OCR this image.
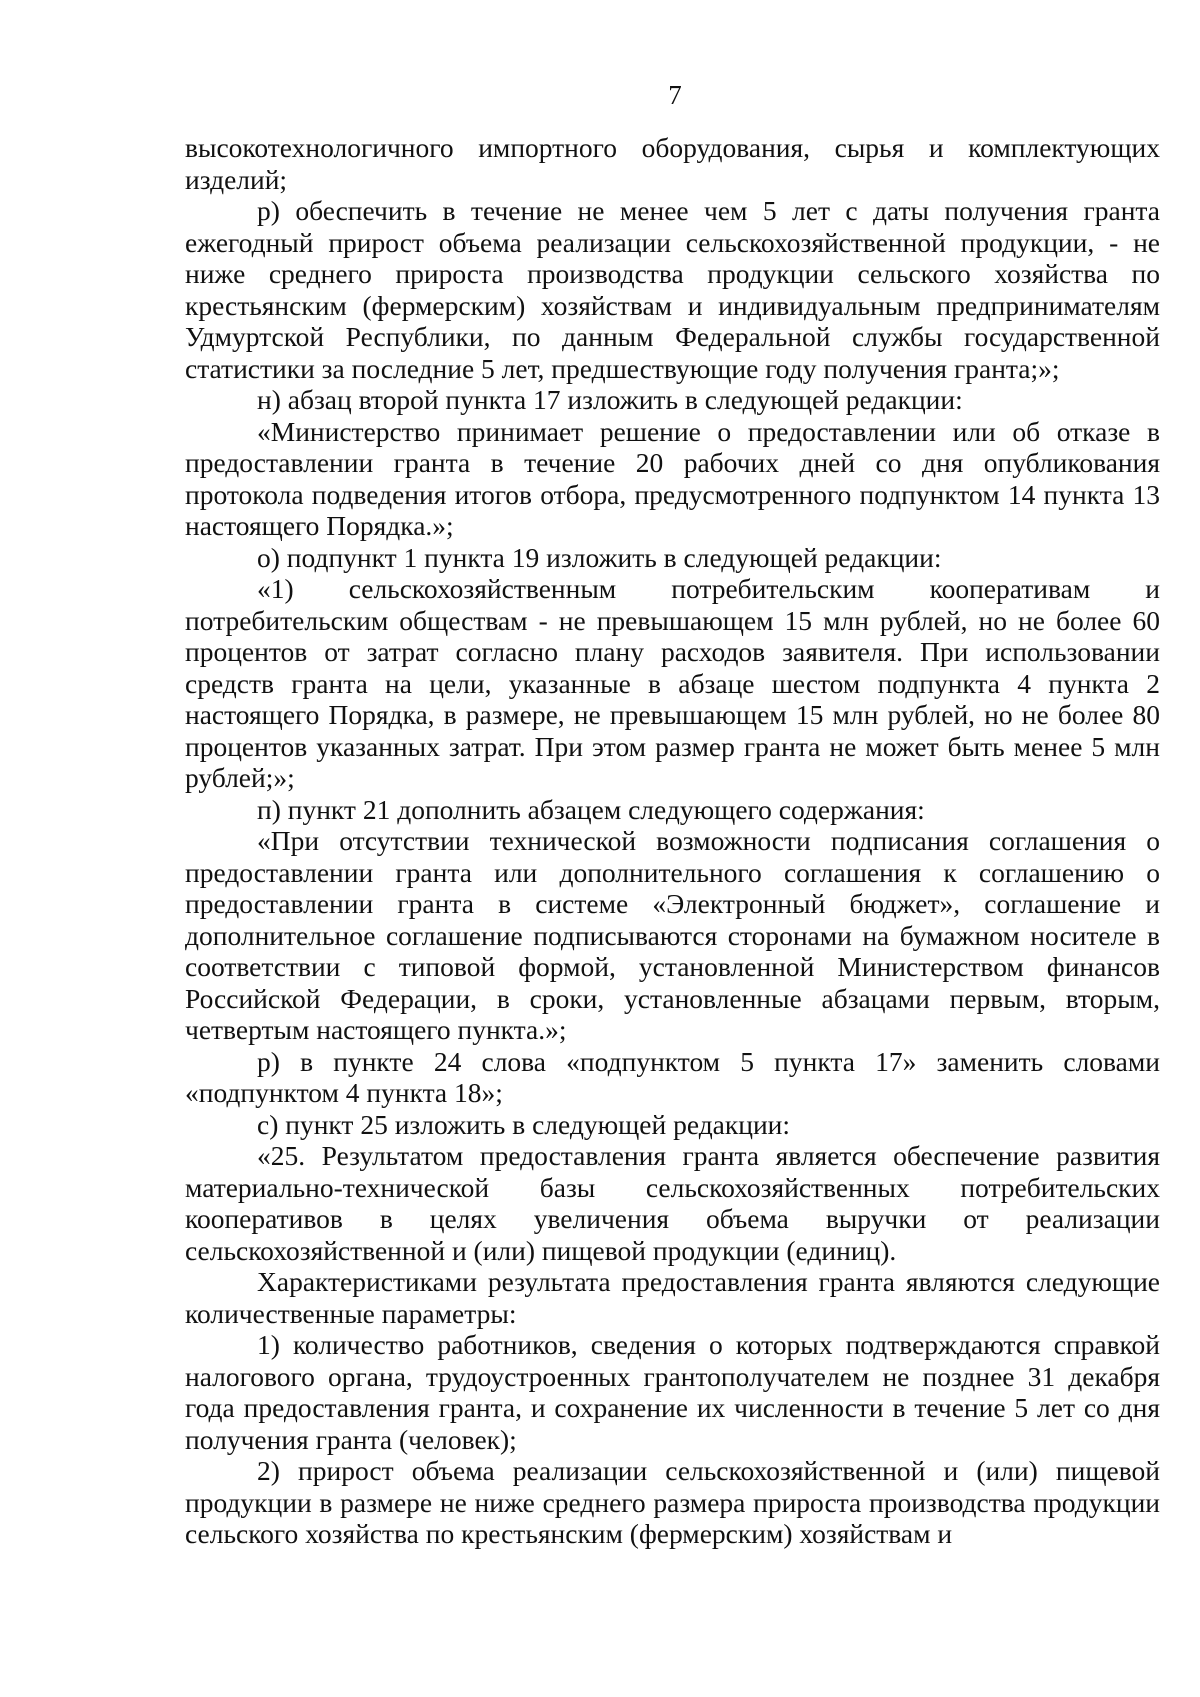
7

высокотехнологичного импортного оборудования, сырья и комплектующих изделий;

р) обеспечить в течение не менее чем 5 лет с даты получения гранта ежегодный прирост объема реализации сельскохозяйственной продукции, - не ниже среднего прироста производства продукции сельского хозяйства по крестьянским (фермерским) хозяйствам и индивидуальным предпринимателям Удмуртской Республики, по данным Федеральной службы государственной статистики за последние 5 лет, предшествующие году получения гранта;»;

н) абзац второй пункта 17 изложить в следующей редакции:

«Министерство принимает решение о предоставлении или об отказе в предоставлении гранта в течение 20 рабочих дней со дня опубликования протокола подведения итогов отбора, предусмотренного подпунктом 14 пункта 13 настоящего Порядка.»;

о) подпункт 1 пункта 19 изложить в следующей редакции:

«1) сельскохозяйственным потребительским кооперативам и потребительским обществам - не превышающем 15 млн рублей, но не более 60 процентов от затрат согласно плану расходов заявителя. При использовании средств гранта на цели, указанные в абзаце шестом подпункта 4 пункта 2 настоящего Порядка, в размере, не превышающем 15 млн рублей, но не более 80 процентов указанных затрат. При этом размер гранта не может быть менее 5 млн рублей;»;

п) пункт 21 дополнить абзацем следующего содержания:

«При отсутствии технической возможности подписания соглашения о предоставлении гранта или дополнительного соглашения к соглашению о предоставлении гранта в системе «Электронный бюджет», соглашение и дополнительное соглашение подписываются сторонами на бумажном носителе в соответствии с типовой формой, установленной Министерством финансов Российской Федерации, в сроки, установленные абзацами первым, вторым, четвертым настоящего пункта.»;

р) в пункте 24 слова «подпунктом 5 пункта 17» заменить словами «подпунктом 4 пункта 18»;

с) пункт 25 изложить в следующей редакции:

«25. Результатом предоставления гранта является обеспечение развития материально-технической базы сельскохозяйственных потребительских кооперативов в целях увеличения объема выручки от реализации сельскохозяйственной и (или) пищевой продукции (единиц).

Характеристиками результата предоставления гранта являются следующие количественные параметры:

1) количество работников, сведения о которых подтверждаются справкой налогового органа, трудоустроенных грантополучателем не позднее 31 декабря года предоставления гранта, и сохранение их численности в течение 5 лет со дня получения гранта (человек);

2) прирост объема реализации сельскохозяйственной и (или) пищевой продукции в размере не ниже среднего размера прироста производства продукции сельского хозяйства по крестьянским (фермерским) хозяйствам и
